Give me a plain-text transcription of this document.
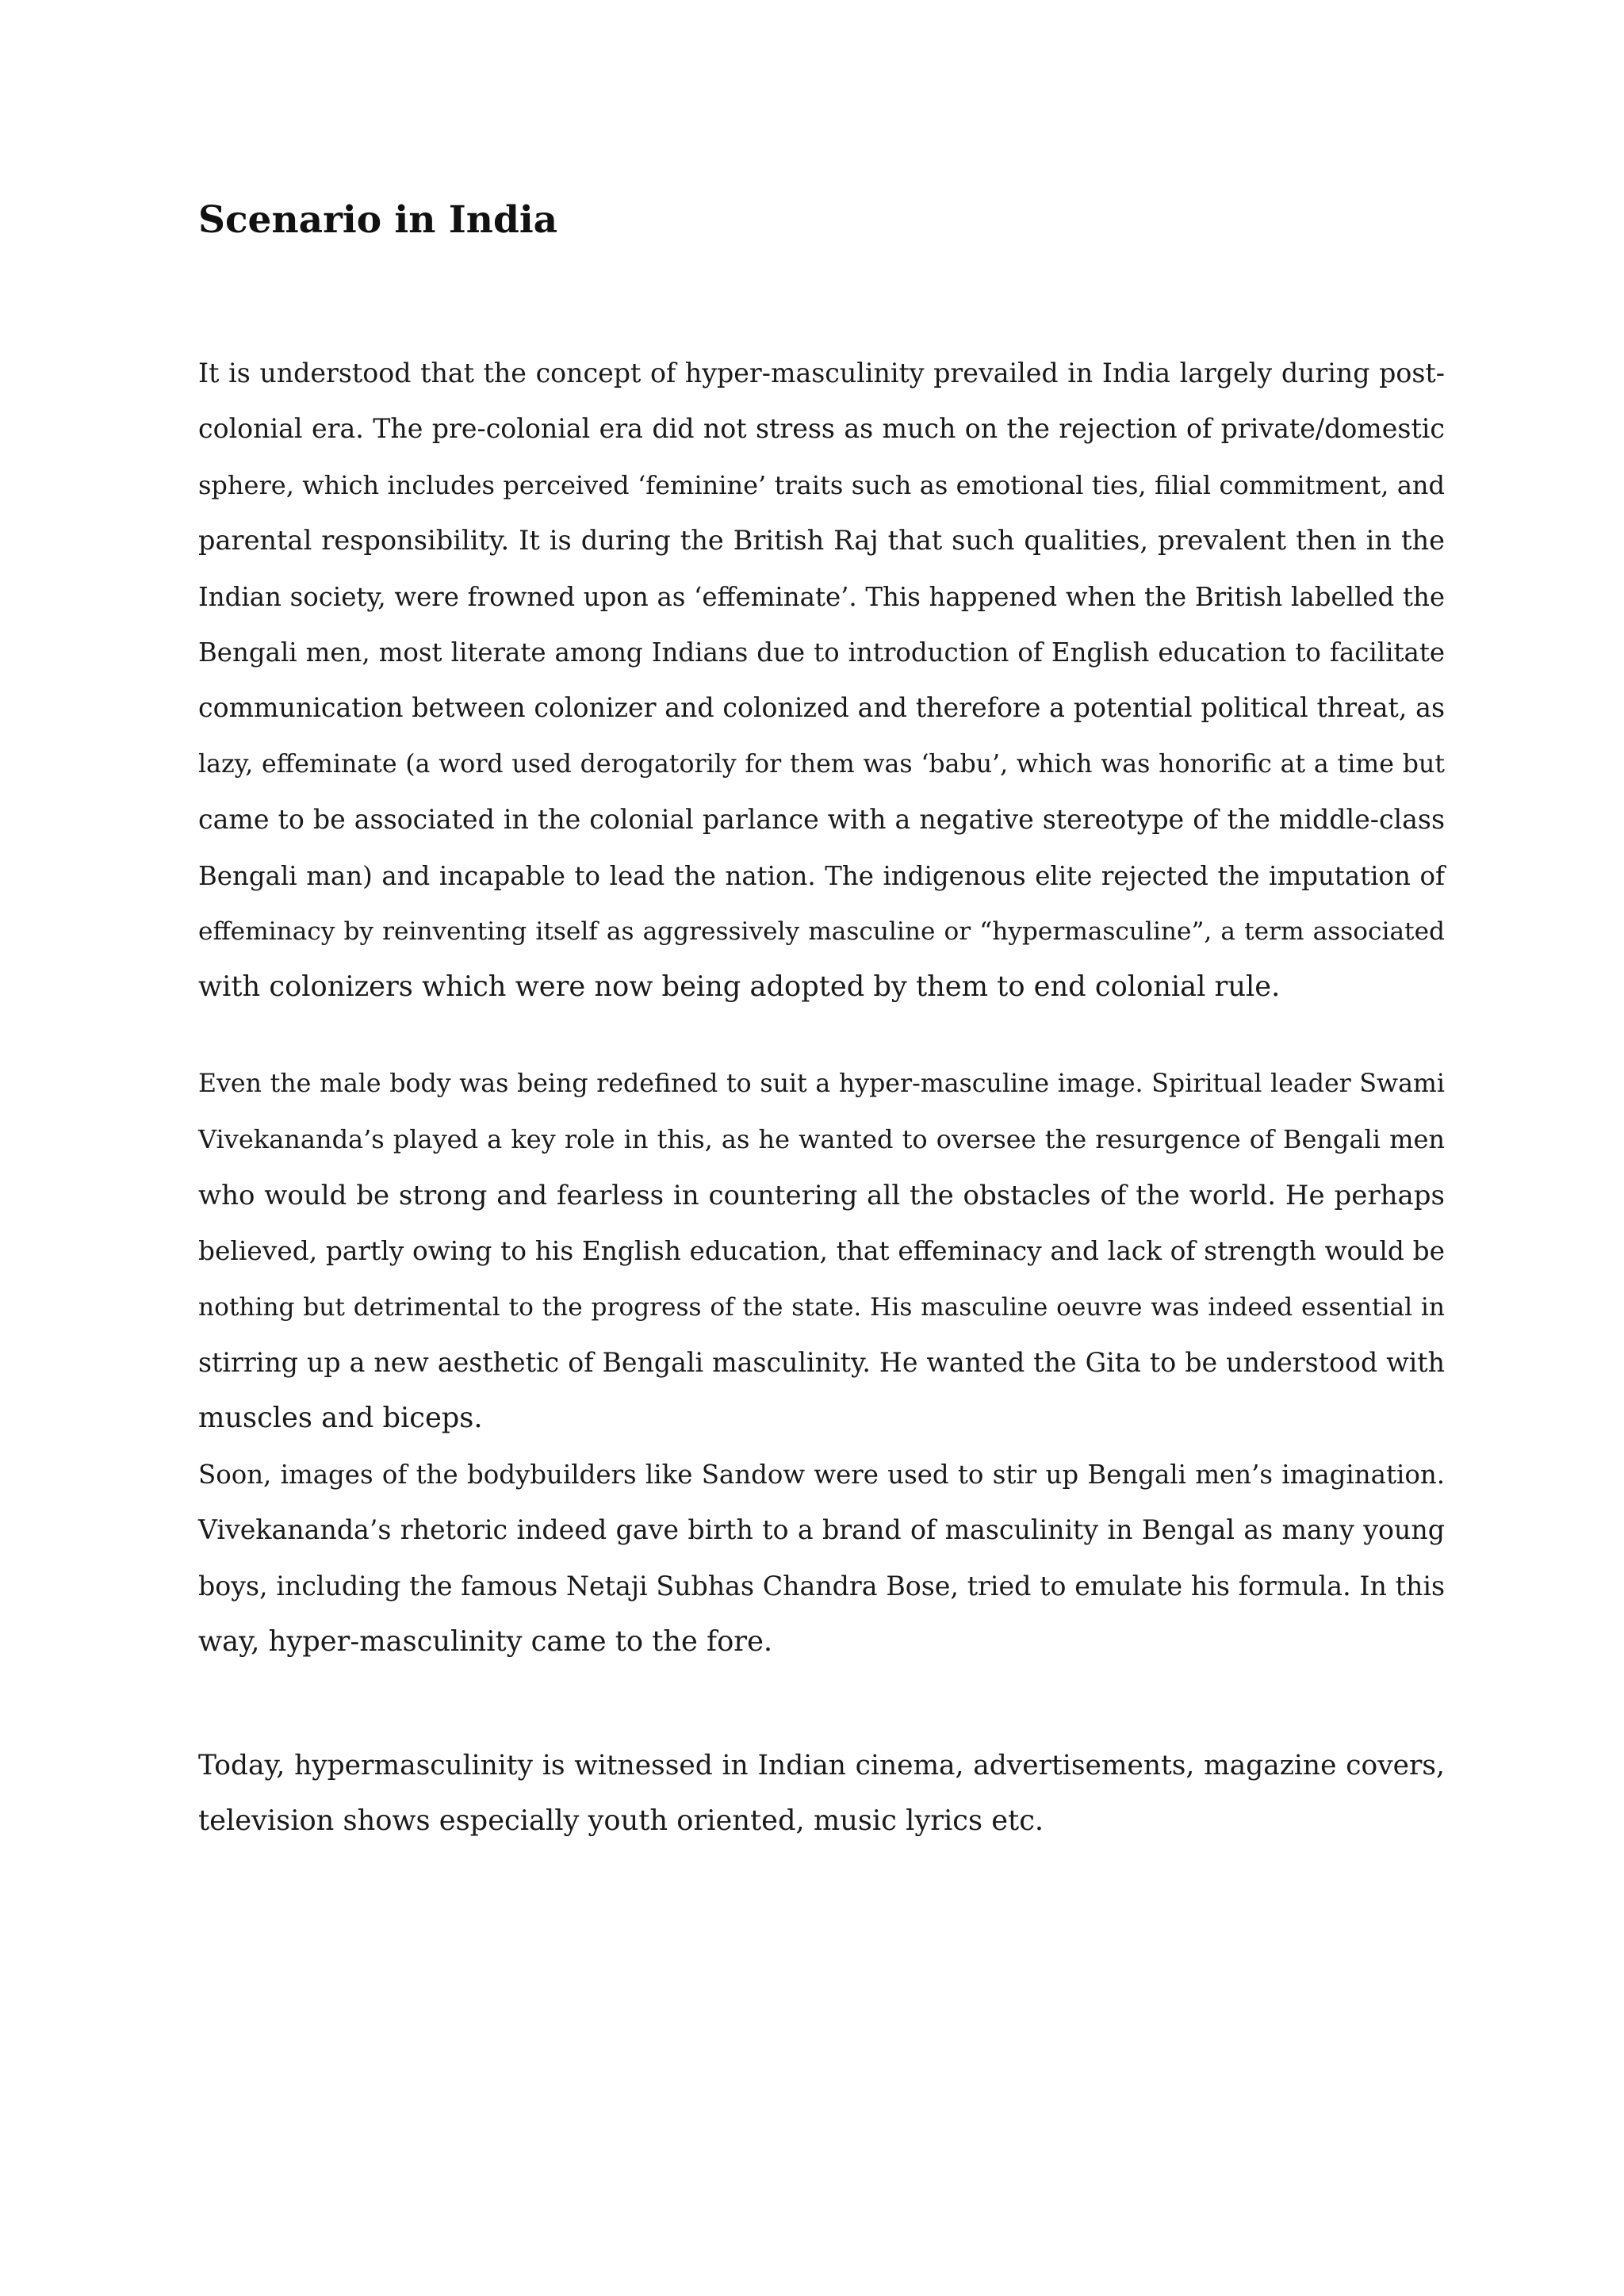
Scenario in India
It is understood that the concept of hyper-masculinity prevailed in India largely during post-
colonial era. The pre-colonial era did not stress as much on the rejection of private/domestic
sphere, which includes perceived ‘feminine’ traits such as emotional ties, filial commitment, and
parental responsibility. It is during the British Raj that such qualities, prevalent then in the
Indian society, were frowned upon as ‘effeminate’. This happened when the British labelled the
Bengali men, most literate among Indians due to introduction of English education to facilitate
communication between colonizer and colonized and therefore a potential political threat, as
lazy, effeminate (a word used derogatorily for them was ‘babu’, which was honorific at a time but
came to be associated in the colonial parlance with a negative stereotype of the middle-class
Bengali man) and incapable to lead the nation. The indigenous elite rejected the imputation of
effeminacy by reinventing itself as aggressively masculine or “hypermasculine”, a term associated
with colonizers which were now being adopted by them to end colonial rule.
Even the male body was being redefined to suit a hyper-masculine image. Spiritual leader Swami
Vivekananda’s played a key role in this, as he wanted to oversee the resurgence of Bengali men
who would be strong and fearless in countering all the obstacles of the world. He perhaps
believed, partly owing to his English education, that effeminacy and lack of strength would be
nothing but detrimental to the progress of the state. His masculine oeuvre was indeed essential in
stirring up a new aesthetic of Bengali masculinity. He wanted the Gita to be understood with
muscles and biceps.
Soon, images of the bodybuilders like Sandow were used to stir up Bengali men’s imagination.
Vivekananda’s rhetoric indeed gave birth to a brand of masculinity in Bengal as many young
boys, including the famous Netaji Subhas Chandra Bose, tried to emulate his formula. In this
way, hyper-masculinity came to the fore.
Today, hypermasculinity is witnessed in Indian cinema, advertisements, magazine covers,
television shows especially youth oriented, music lyrics etc.
